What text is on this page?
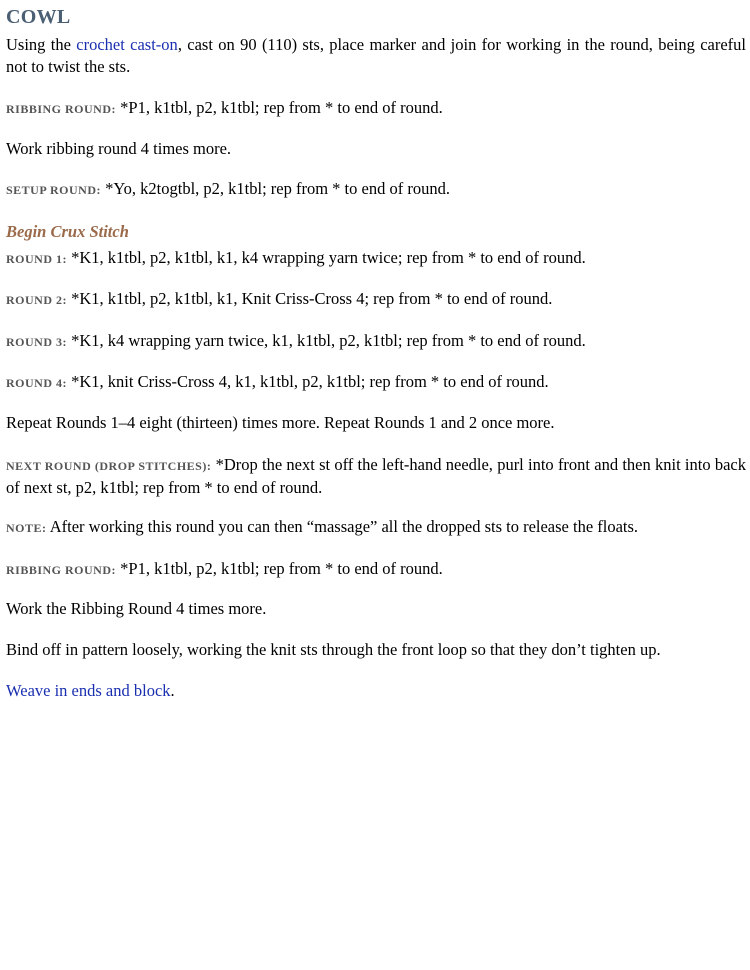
COWL

Using the crochet cast-on, cast on 90 (110) sts, place marker and join for working in the round, being careful not to twist the sts.

RIBBING ROUND: *P1, k1tbl, p2, k1tbl; rep from * to end of round.

Work ribbing round 4 times more.

SETUP ROUND: *Yo, k2togtbl, p2, k1tbl; rep from * to end of round.

Begin Crux Stitch

ROUND 1: *K1, k1tbl, p2, k1tbl, k1, k4 wrapping yarn twice; rep from * to end of round.

ROUND 2: *K1, k1tbl, p2, k1tbl, k1, Knit Criss-Cross 4; rep from * to end of round.

ROUND 3: *K1, k4 wrapping yarn twice, k1, k1tbl, p2, k1tbl; rep from * to end of round.

ROUND 4: *K1, knit Criss-Cross 4, k1, k1tbl, p2, k1tbl; rep from * to end of round.

Repeat Rounds 1–4 eight (thirteen) times more. Repeat Rounds 1 and 2 once more.

NEXT ROUND (DROP STITCHES): *Drop the next st off the left-hand needle, purl into front and then knit into back of next st, p2, k1tbl; rep from * to end of round.

NOTE: After working this round you can then “massage” all the dropped sts to release the floats.

RIBBING ROUND: *P1, k1tbl, p2, k1tbl; rep from * to end of round.

Work the Ribbing Round 4 times more.

Bind off in pattern loosely, working the knit sts through the front loop so that they don’t tighten up.

Weave in ends and block.
